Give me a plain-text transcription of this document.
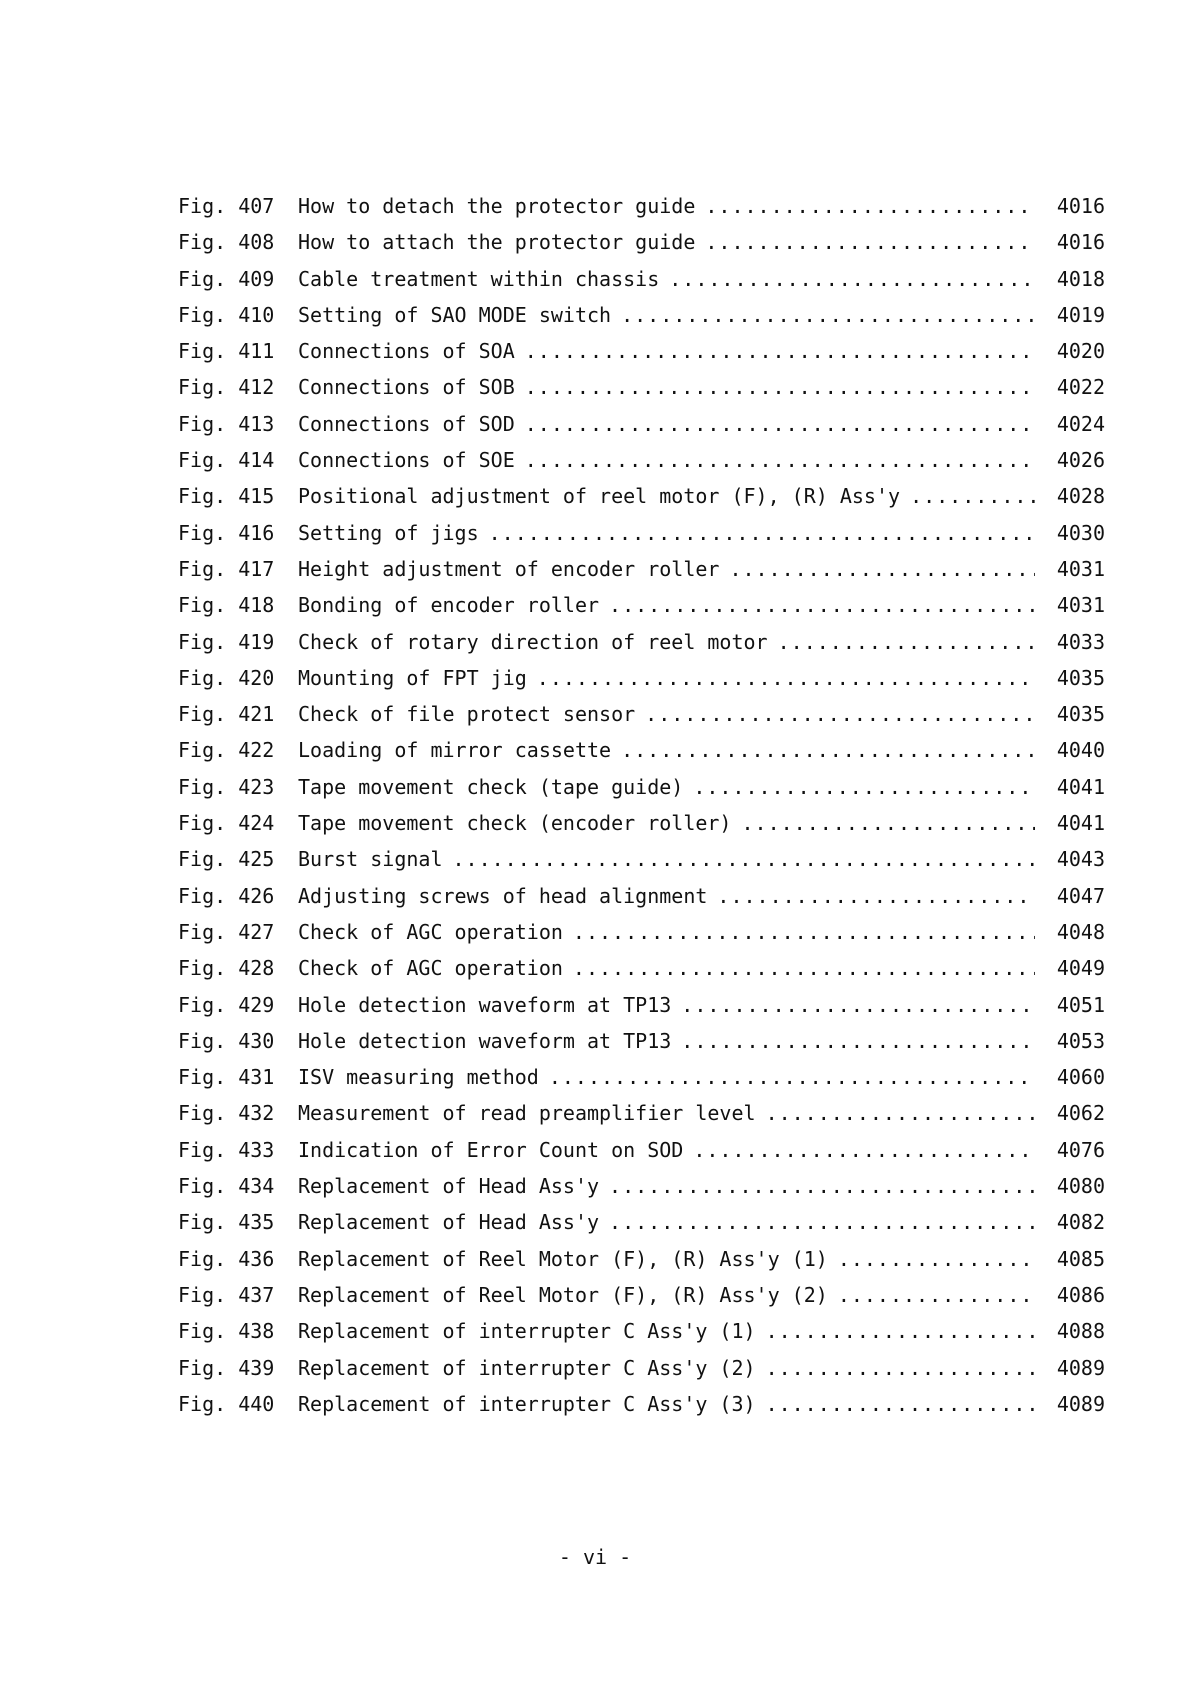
Fig. 407	How to detach the protector guide .....	4016
Fig. 408	How to attach the protector guide .....	4016
Fig. 409	Cable treatment within chassis .....	4018
Fig. 410	Setting of SAO MODE switch .....	4019
Fig. 411	Connections of SOA .....	4020
Fig. 412	Connections of SOB .....	4022
Fig. 413	Connections of SOD .....	4024
Fig. 414	Connections of SOE .....	4026
Fig. 415	Positional adjustment of reel motor (F), (R) Ass'y .....	4028
Fig. 416	Setting of jigs .....	4030
Fig. 417	Height adjustment of encoder roller .....	4031
Fig. 418	Bonding of encoder roller .....	4031
Fig. 419	Check of rotary direction of reel motor .....	4033
Fig. 420	Mounting of FPT jig .....	4035
Fig. 421	Check of file protect sensor .....	4035
Fig. 422	Loading of mirror cassette .....	4040
Fig. 423	Tape movement check (tape guide) .....	4041
Fig. 424	Tape movement check (encoder roller) .....	4041
Fig. 425	Burst signal .....	4043
Fig. 426	Adjusting screws of head alignment .....	4047
Fig. 427	Check of AGC operation .....	4048
Fig. 428	Check of AGC operation .....	4049
Fig. 429	Hole detection waveform at TP13 .....	4051
Fig. 430	Hole detection waveform at TP13 .....	4053
Fig. 431	ISV measuring method .....	4060
Fig. 432	Measurement of read preamplifier level .....	4062
Fig. 433	Indication of Error Count on SOD .....	4076
Fig. 434	Replacement of Head Ass'y .....	4080
Fig. 435	Replacement of Head Ass'y .....	4082
Fig. 436	Replacement of Reel Motor (F), (R) Ass'y (1) .....	4085
Fig. 437	Replacement of Reel Motor (F), (R) Ass'y (2) .....	4086
Fig. 438	Replacement of interrupter C Ass'y (1) .....	4088
Fig. 439	Replacement of interrupter C Ass'y (2) .....	4089
Fig. 440	Replacement of interrupter C Ass'y (3) .....	4089
- vi -
